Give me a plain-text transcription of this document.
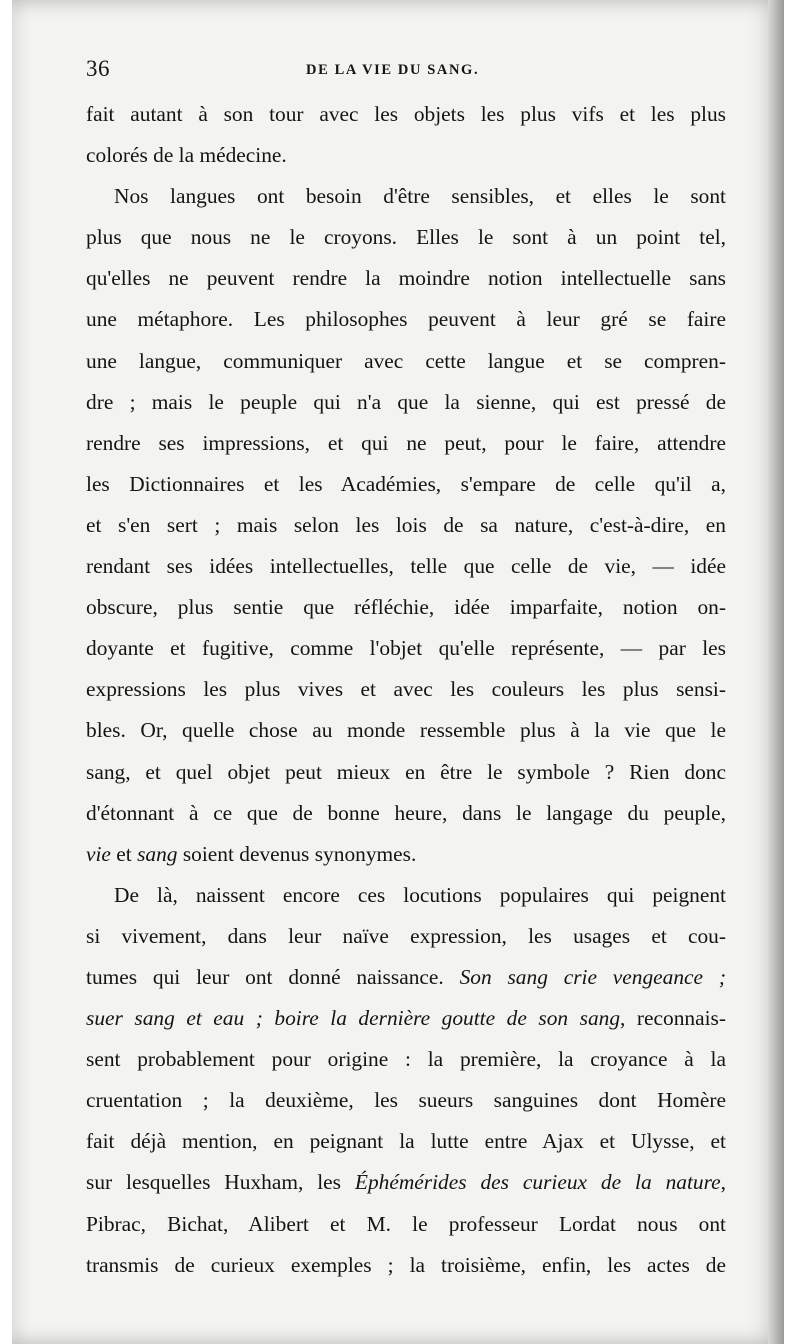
36	DE LA VIE DU SANG.
fait autant à son tour avec les objets les plus vifs et les plus
colorés de la médecine.
Nos langues ont besoin d'être sensibles, et elles le sont
plus que nous ne le croyons. Elles le sont à un point tel,
qu'elles ne peuvent rendre la moindre notion intellectuelle sans
une métaphore. Les philosophes peuvent à leur gré se faire
une langue, communiquer avec cette langue et se compren-
dre ; mais le peuple qui n'a que la sienne, qui est pressé de
rendre ses impressions, et qui ne peut, pour le faire, attendre
les Dictionnaires et les Académies, s'empare de celle qu'il a,
et s'en sert ; mais selon les lois de sa nature, c'est-à-dire, en
rendant ses idées intellectuelles, telle que celle de vie, — idée
obscure, plus sentie que réfléchie, idée imparfaite, notion on-
doyante et fugitive, comme l'objet qu'elle représente, — par les
expressions les plus vives et avec les couleurs les plus sensi-
bles. Or, quelle chose au monde ressemble plus à la vie que le
sang, et quel objet peut mieux en être le symbole ? Rien donc
d'étonnant à ce que de bonne heure, dans le langage du peuple,
vie et sang soient devenus synonymes.
De là, naissent encore ces locutions populaires qui peignent
si vivement, dans leur naïve expression, les usages et cou-
tumes qui leur ont donné naissance. Son sang crie vengeance ;
suer sang et eau ; boire la dernière goutte de son sang, reconnais-
sent probablement pour origine : la première, la croyance à la
cruentation ; la deuxième, les sueurs sanguines dont Homère
fait déjà mention, en peignant la lutte entre Ajax et Ulysse, et
sur lesquelles Huxham, les Éphémérides des curieux de la nature,
Pibrac, Bichat, Alibert et M. le professeur Lordat nous ont
transmis de curieux exemples ; la troisième, enfin, les actes de
